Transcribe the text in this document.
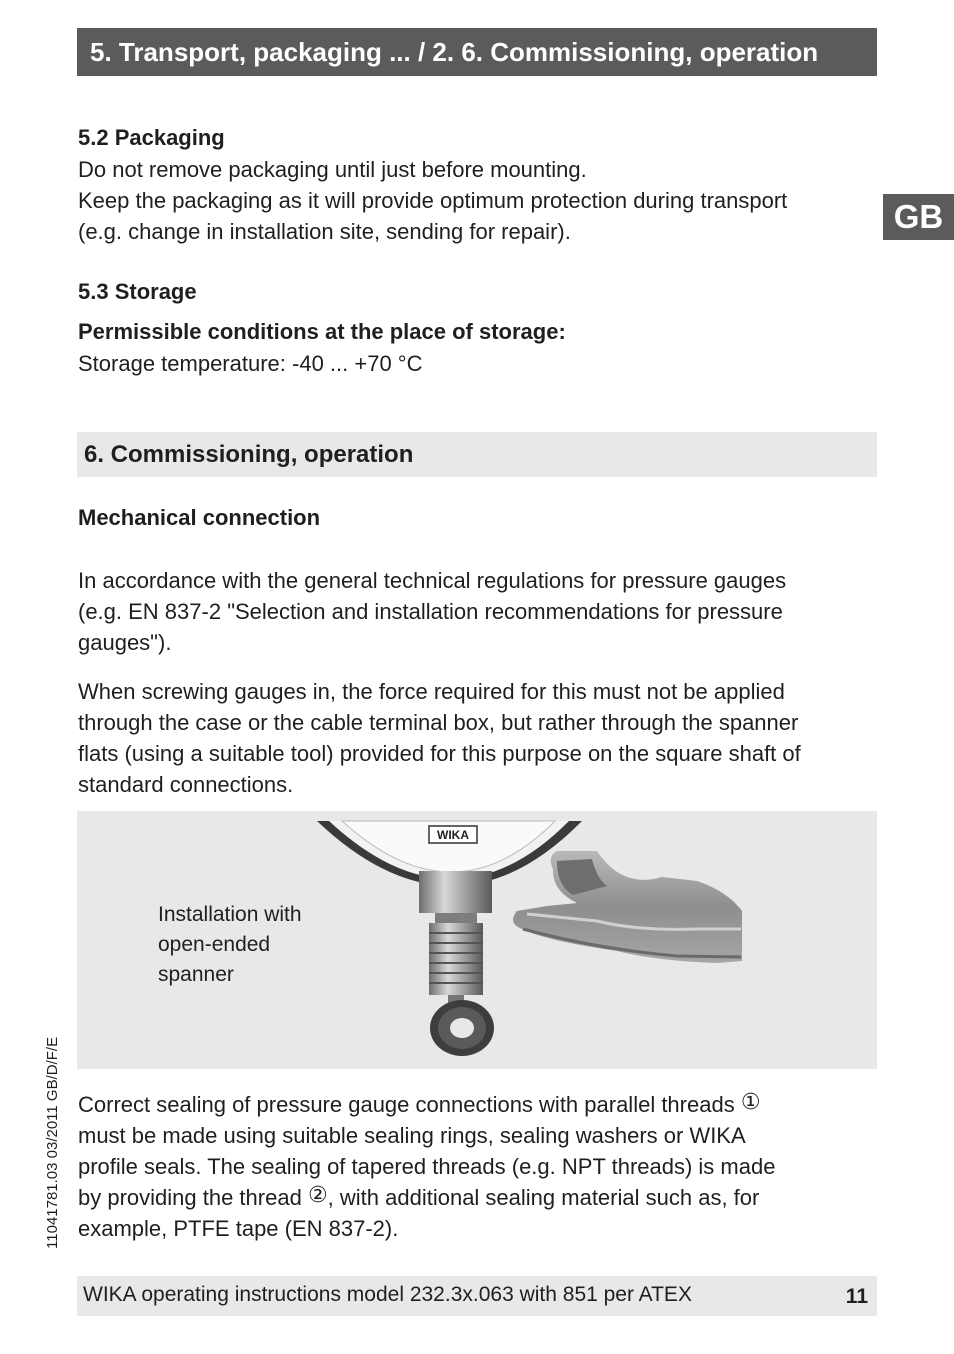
5. Transport, packaging ... / 2. 6. Commissioning, operation
GB
5.2 Packaging
Do not remove packaging until just before mounting.
Keep the packaging as it will provide optimum protection during transport
(e.g. change in installation site, sending for repair).
5.3 Storage
Permissible conditions at the place of storage:
Storage temperature: -40 ... +70 °C
6. Commissioning, operation
Mechanical connection
In accordance with the general technical regulations for pressure gauges
(e.g. EN 837-2 "Selection and installation recommendations for pressure
gauges").
When screwing gauges in, the force required for this must not be applied
through the case or the cable terminal box, but rather through the spanner
flats (using a suitable tool) provided for this purpose on the square shaft of
standard connections.
Installation with
open-ended
spanner
WIKA
Correct sealing of pressure gauge connections with parallel threads ①
must be made using suitable sealing rings, sealing washers or WIKA
profile seals. The sealing of tapered threads (e.g. NPT threads) is made
by providing the thread ②, with additional sealing material such as, for
example, PTFE tape (EN 837-2).
11041781.03 03/2011 GB/D/F/E
WIKA operating instructions model 232.3x.063 with 851 per ATEX	11
